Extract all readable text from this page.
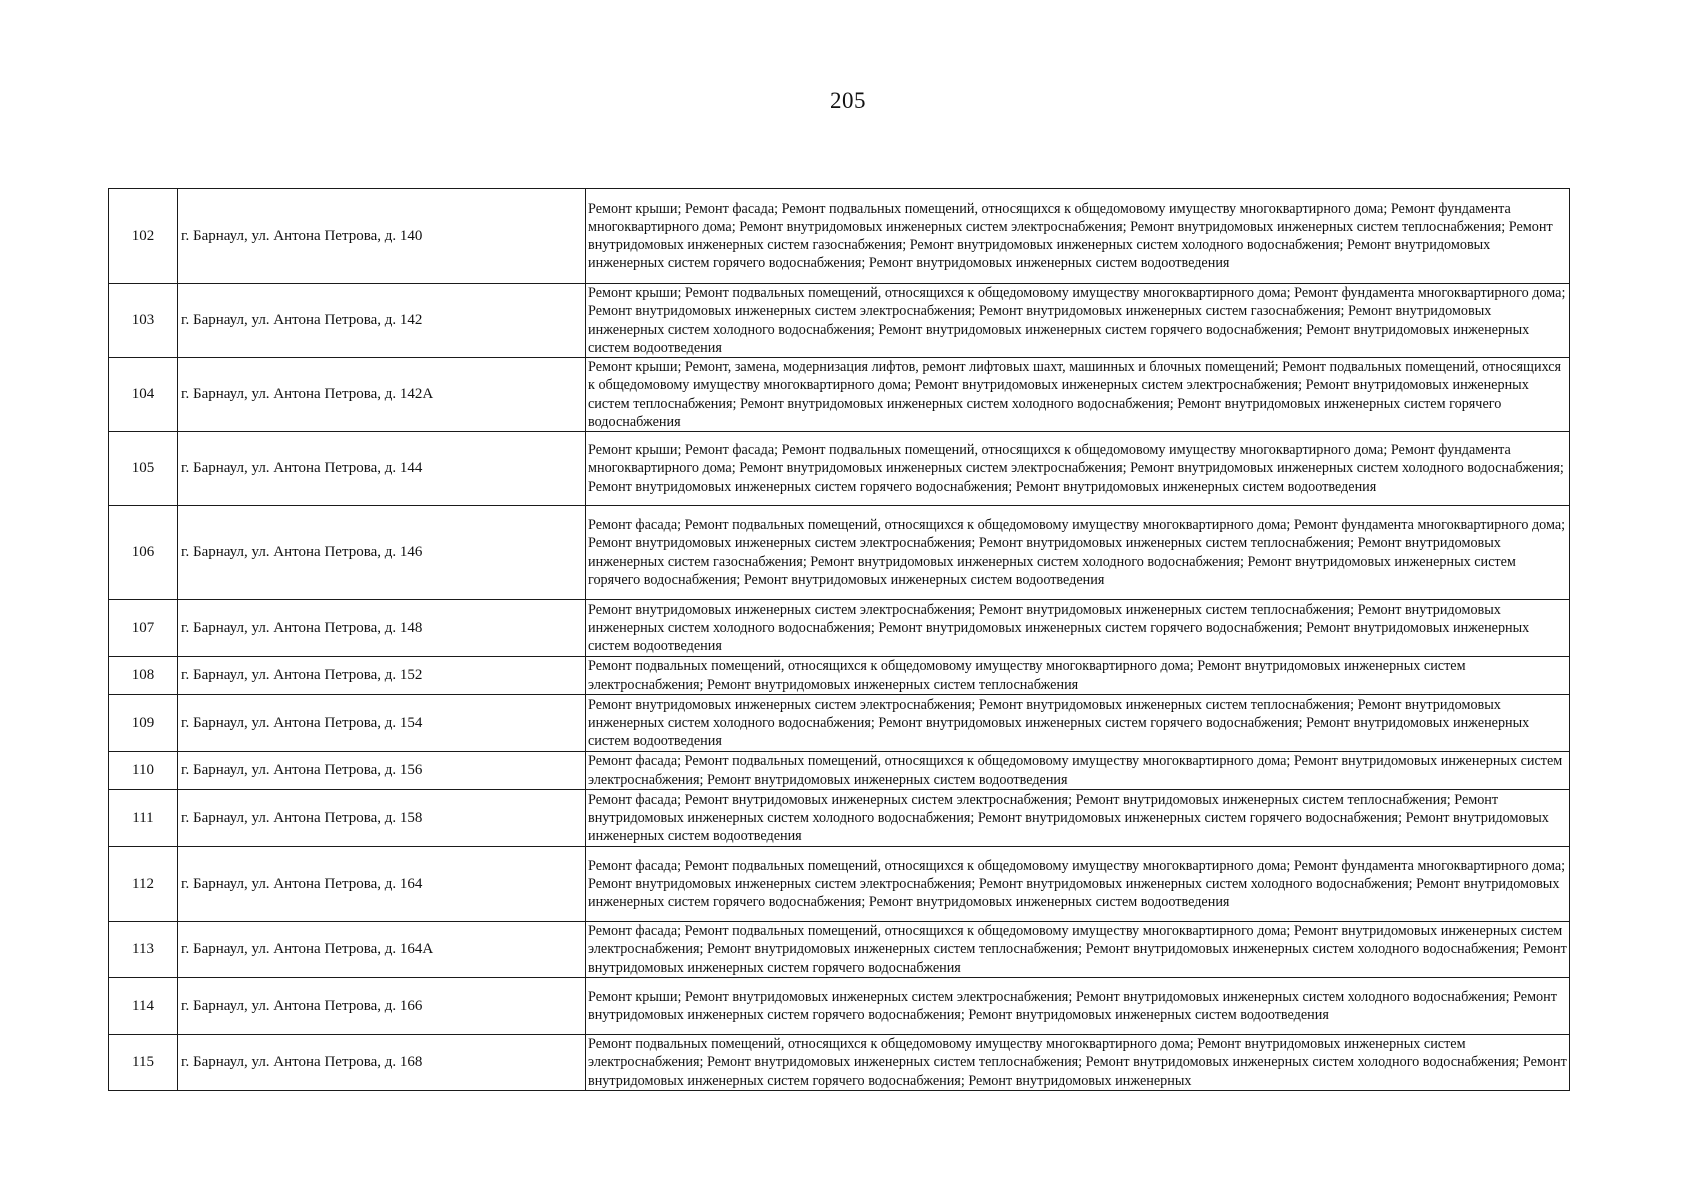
205
102	г. Барнаул, ул. Антона Петрова, д. 140	Ремонт крыши; Ремонт фасада; Ремонт подвальных помещений, относящихся к общедомовому имуществу многоквартирного дома; Ремонт фундамента многоквартирного дома; Ремонт внутридомовых инженерных систем электроснабжения; Ремонт внутридомовых инженерных систем теплоснабжения; Ремонт внутридомовых инженерных систем газоснабжения; Ремонт внутридомовых инженерных систем холодного водоснабжения; Ремонт внутридомовых инженерных систем горячего водоснабжения; Ремонт внутридомовых инженерных систем водоотведения
103	г. Барнаул, ул. Антона Петрова, д. 142	Ремонт крыши; Ремонт подвальных помещений, относящихся к общедомовому имуществу многоквартирного дома; Ремонт фундамента многоквартирного дома; Ремонт внутридомовых инженерных систем электроснабжения; Ремонт внутридомовых инженерных систем газоснабжения; Ремонт внутридомовых инженерных систем холодного водоснабжения; Ремонт внутридомовых инженерных систем горячего водоснабжения; Ремонт внутридомовых инженерных систем водоотведения
104	г. Барнаул, ул. Антона Петрова, д. 142А	Ремонт крыши; Ремонт, замена, модернизация лифтов, ремонт лифтовых шахт, машинных и блочных помещений; Ремонт подвальных помещений, относящихся к общедомовому имуществу многоквартирного дома; Ремонт внутридомовых инженерных систем электроснабжения; Ремонт внутридомовых инженерных систем теплоснабжения; Ремонт внутридомовых инженерных систем холодного водоснабжения; Ремонт внутридомовых инженерных систем горячего водоснабжения
105	г. Барнаул, ул. Антона Петрова, д. 144	Ремонт крыши; Ремонт фасада; Ремонт подвальных помещений, относящихся к общедомовому имуществу многоквартирного дома; Ремонт фундамента многоквартирного дома; Ремонт внутридомовых инженерных систем электроснабжения; Ремонт внутридомовых инженерных систем холодного водоснабжения; Ремонт внутридомовых инженерных систем горячего водоснабжения; Ремонт внутридомовых инженерных систем водоотведения
106	г. Барнаул, ул. Антона Петрова, д. 146	Ремонт фасада; Ремонт подвальных помещений, относящихся к общедомовому имуществу многоквартирного дома; Ремонт фундамента многоквартирного дома; Ремонт внутридомовых инженерных систем электроснабжения; Ремонт внутридомовых инженерных систем теплоснабжения; Ремонт внутридомовых инженерных систем газоснабжения; Ремонт внутридомовых инженерных систем холодного водоснабжения; Ремонт внутридомовых инженерных систем горячего водоснабжения; Ремонт внутридомовых инженерных систем водоотведения
107	г. Барнаул, ул. Антона Петрова, д. 148	Ремонт внутридомовых инженерных систем электроснабжения; Ремонт внутридомовых инженерных систем теплоснабжения; Ремонт внутридомовых инженерных систем холодного водоснабжения; Ремонт внутридомовых инженерных систем горячего водоснабжения; Ремонт внутридомовых инженерных систем водоотведения
108	г. Барнаул, ул. Антона Петрова, д. 152	Ремонт подвальных помещений, относящихся к общедомовому имуществу многоквартирного дома; Ремонт внутридомовых инженерных систем электроснабжения; Ремонт внутридомовых инженерных систем теплоснабжения
109	г. Барнаул, ул. Антона Петрова, д. 154	Ремонт внутридомовых инженерных систем электроснабжения; Ремонт внутридомовых инженерных систем теплоснабжения; Ремонт внутридомовых инженерных систем холодного водоснабжения; Ремонт внутридомовых инженерных систем горячего водоснабжения; Ремонт внутридомовых инженерных систем водоотведения
110	г. Барнаул, ул. Антона Петрова, д. 156	Ремонт фасада; Ремонт подвальных помещений, относящихся к общедомовому имуществу многоквартирного дома; Ремонт внутридомовых инженерных систем электроснабжения; Ремонт внутридомовых инженерных систем водоотведения
111	г. Барнаул, ул. Антона Петрова, д. 158	Ремонт фасада; Ремонт внутридомовых инженерных систем электроснабжения; Ремонт внутридомовых инженерных систем теплоснабжения; Ремонт внутридомовых инженерных систем холодного водоснабжения; Ремонт внутридомовых инженерных систем горячего водоснабжения; Ремонт внутридомовых инженерных систем водоотведения
112	г. Барнаул, ул. Антона Петрова, д. 164	Ремонт фасада; Ремонт подвальных помещений, относящихся к общедомовому имуществу многоквартирного дома; Ремонт фундамента многоквартирного дома; Ремонт внутридомовых инженерных систем электроснабжения; Ремонт внутридомовых инженерных систем холодного водоснабжения; Ремонт внутридомовых инженерных систем горячего водоснабжения; Ремонт внутридомовых инженерных систем водоотведения
113	г. Барнаул, ул. Антона Петрова, д. 164А	Ремонт фасада; Ремонт подвальных помещений, относящихся к общедомовому имуществу многоквартирного дома; Ремонт внутридомовых инженерных систем электроснабжения; Ремонт внутридомовых инженерных систем теплоснабжения; Ремонт внутридомовых инженерных систем холодного водоснабжения; Ремонт внутридомовых инженерных систем горячего водоснабжения
114	г. Барнаул, ул. Антона Петрова, д. 166	Ремонт крыши; Ремонт внутридомовых инженерных систем электроснабжения; Ремонт внутридомовых инженерных систем холодного водоснабжения; Ремонт внутридомовых инженерных систем горячего водоснабжения; Ремонт внутридомовых инженерных систем водоотведения
115	г. Барнаул, ул. Антона Петрова, д. 168	Ремонт подвальных помещений, относящихся к общедомовому имуществу многоквартирного дома; Ремонт внутридомовых инженерных систем электроснабжения; Ремонт внутридомовых инженерных систем теплоснабжения; Ремонт внутридомовых инженерных систем холодного водоснабжения; Ремонт внутридомовых инженерных систем горячего водоснабжения; Ремонт внутридомовых инженерных
